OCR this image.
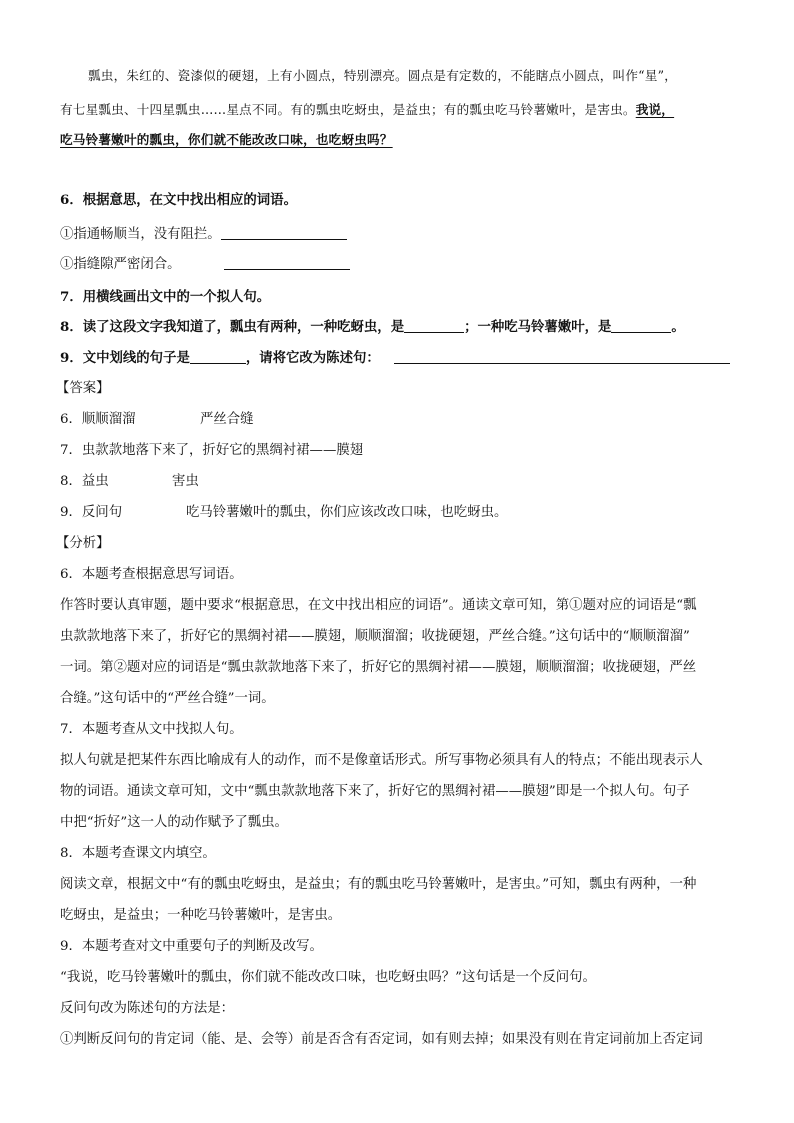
瓢虫，朱红的、瓷漆似的硬翅，上有小圆点，特别漂亮。圆点是有定数的，不能瞎点小圆点，叫作“星”，
有七星瓢虫、十四星瓢虫……星点不同。有的瓢虫吃蚜虫，是益虫；有的瓢虫吃马铃薯嫩叶，是害虫。我说，
吃马铃薯嫩叶的瓢虫，你们就不能改改口味，也吃蚜虫吗？
6．根据意思，在文中找出相应的词语。
①指通畅顺当，没有阻拦。
①指缝隙严密闭合。
7．用横线画出文中的一个拟人句。
8．读了这段文字我知道了，瓢虫有两种，一种吃蚜虫，是	；一种吃马铃薯嫩叶，是	。
9．文中划线的句子是	，请将它改为陈述句：
【答案】
6．顺顺溜溜	严丝合缝
7．虫款款地落下来了，折好它的黑绸衬裙——膜翅
8．益虫	害虫
9．反问句	吃马铃薯嫩叶的瓢虫，你们应该改改口味，也吃蚜虫。
【分析】
6．本题考查根据意思写词语。
作答时要认真审题，题中要求“根据意思，在文中找出相应的词语”。通读文章可知，第①题对应的词语是“瓢
虫款款地落下来了，折好它的黑绸衬裙——膜翅，顺顺溜溜；收拢硬翅，严丝合缝。”这句话中的“顺顺溜溜”
一词。第②题对应的词语是“瓢虫款款地落下来了，折好它的黑绸衬裙——膜翅，顺顺溜溜；收拢硬翅，严丝
合缝。”这句话中的“严丝合缝”一词。
7．本题考查从文中找拟人句。
拟人句就是把某件东西比喻成有人的动作，而不是像童话形式。所写事物必须具有人的特点；不能出现表示人
物的词语。通读文章可知，文中“瓢虫款款地落下来了，折好它的黑绸衬裙——膜翅”即是一个拟人句。句子
中把“折好”这一人的动作赋予了瓢虫。
8．本题考查课文内填空。
阅读文章，根据文中“有的瓢虫吃蚜虫，是益虫；有的瓢虫吃马铃薯嫩叶，是害虫。”可知，瓢虫有两种，一种
吃蚜虫，是益虫；一种吃马铃薯嫩叶，是害虫。
9．本题考查对文中重要句子的判断及改写。
“我说，吃马铃薯嫩叶的瓢虫，你们就不能改改口味，也吃蚜虫吗？”这句话是一个反问句。
反问句改为陈述句的方法是：
①判断反问句的肯定词（能、是、会等）前是否含有否定词，如有则去掉；如果没有则在肯定词前加上否定词
